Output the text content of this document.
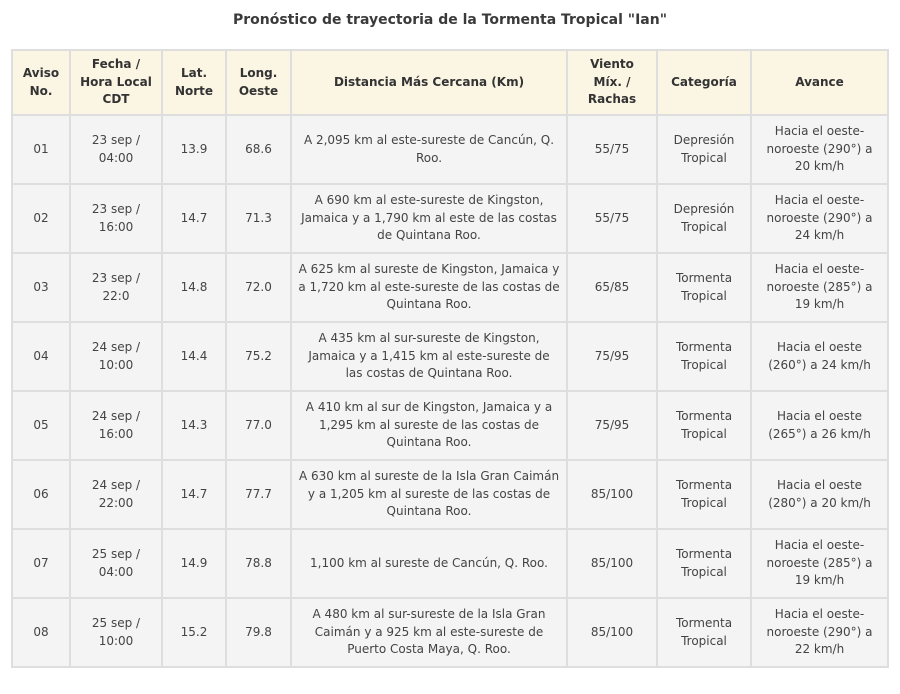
Pronóstico de trayectoria de la Tormenta Tropical "Ian"
Aviso No.	Fecha / Hora Local CDT	Lat. Norte	Long. Oeste	Distancia Más Cercana (Km)	Viento Míx. / Rachas	Categoría	Avance
01	23 sep / 04:00	13.9	68.6	A 2,095 km al este-sureste de Cancún, Q. Roo.	55/75	Depresión Tropical	Hacia el oeste-noroeste (290°) a 20 km/h
02	23 sep / 16:00	14.7	71.3	A 690 km al este-sureste de Kingston, Jamaica y a 1,790 km al este de las costas de Quintana Roo.	55/75	Depresión Tropical	Hacia el oeste-noroeste (290°) a 24 km/h
03	23 sep / 22:0	14.8	72.0	A 625 km al sureste de Kingston, Jamaica y a 1,720 km al este-sureste de las costas de Quintana Roo.	65/85	Tormenta Tropical	Hacia el oeste-noroeste (285°) a 19 km/h
04	24 sep / 10:00	14.4	75.2	A 435 km al sur-sureste de Kingston, Jamaica y a 1,415 km al este-sureste de las costas de Quintana Roo.	75/95	Tormenta Tropical	Hacia el oeste (260°) a 24 km/h
05	24 sep / 16:00	14.3	77.0	A 410 km al sur de Kingston, Jamaica y a 1,295 km al sureste de las costas de Quintana Roo.	75/95	Tormenta Tropical	Hacia el oeste (265°) a 26 km/h
06	24 sep / 22:00	14.7	77.7	A 630 km al sureste de la Isla Gran Caimán y a 1,205 km al sureste de las costas de Quintana Roo.	85/100	Tormenta Tropical	Hacia el oeste (280°) a 20 km/h
07	25 sep / 04:00	14.9	78.8	1,100 km al sureste de Cancún, Q. Roo.	85/100	Tormenta Tropical	Hacia el oeste-noroeste (285°) a 19 km/h
08	25 sep / 10:00	15.2	79.8	A 480 km al sur-sureste de la Isla Gran Caimán y a 925 km al este-sureste de Puerto Costa Maya, Q. Roo.	85/100	Tormenta Tropical	Hacia el oeste-noroeste (290°) a 22 km/h
